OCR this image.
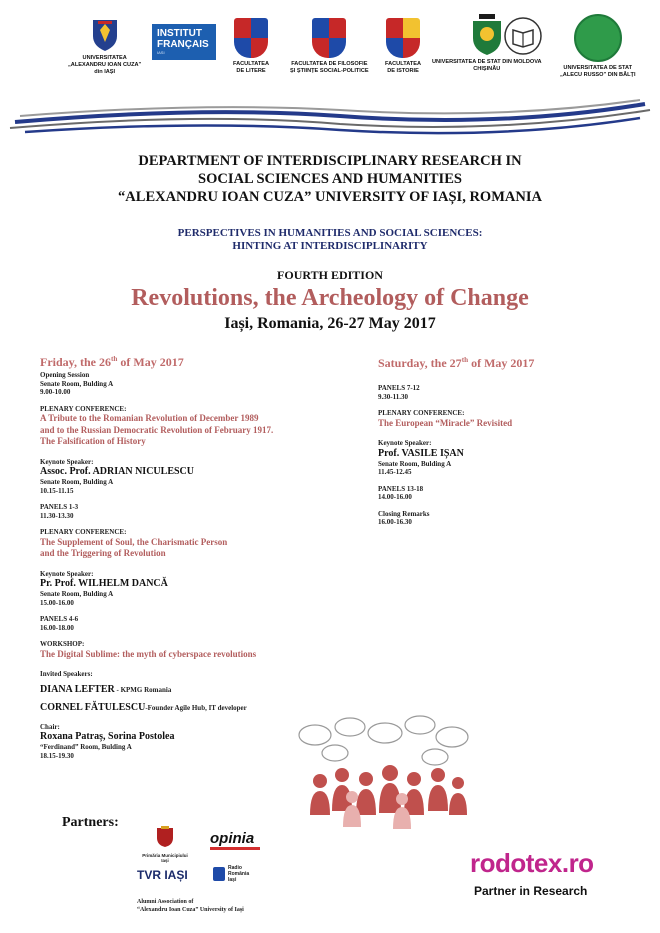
UNIVERSITATEA
„ALEXANDRU IOAN CUZA”
din IAȘI
INSTITUT
FRANÇAIS
IASI
FACULTATEA
DE LITERE
FACULTATEA DE FILOSOFIE
ȘI ȘTIINȚE SOCIAL-POLITICE
FACULTATEA
DE ISTORIE
UNIVERSITATEA DE STAT DIN MOLDOVA
CHIȘINĂU	UNIVERSITATEA DE STAT
„ALECU RUSSO” DIN BĂLȚI
DEPARTMENT OF INTERDISCIPLINARY RESEARCH IN
SOCIAL SCIENCES AND HUMANITIES
“ALEXANDRU IOAN CUZA” UNIVERSITY OF IAȘI, ROMANIA
PERSPECTIVES IN HUMANITIES AND SOCIAL SCIENCES:
HINTING AT INTERDISCIPLINARITY
FOURTH EDITION
Revolutions, the Archeology of Change
Iași, Romania, 26-27 May 2017
Friday, the 26th of May 2017
Opening Session
Senate Room, Bulding A
9.00-10.00
PLENARY CONFERENCE:
A Tribute to the Romanian Revolution of December 1989
and to the Russian Democratic Revolution of February 1917.
The Falsification of History
Keynote Speaker:
Assoc. Prof. ADRIAN NICULESCU
Senate Room, Bulding A
10.15-11.15
PANELS 1-3
11.30-13.30
PLENARY CONFERENCE:
The Supplement of Soul, the Charismatic Person
and the Triggering of Revolution
Keynote Speaker:
Pr. Prof. WILHELM DANCĂ
Senate Room, Bulding A
15.00-16.00
PANELS 4-6
16.00-18.00
WORKSHOP:
The Digital Sublime: the myth of cyberspace revolutions
Invited Speakers:
DIANA LEFTER - KPMG Romania
CORNEL FĂTULESCU-Founder Agile Hub, IT developer
Chair:
Roxana Patraș, Sorina Postolea
“Ferdinand” Room, Bulding A
18.15-19.30
Saturday, the 27th of May 2017
PANELS 7-12
9.30-11.30
PLENARY CONFERENCE:
The European “Miracle” Revisited
Keynote Speaker:
Prof. VASILE IȘAN
Senate Room, Bulding A
11.45-12.45
PANELS 13-18
14.00-16.00
Closing Remarks
16.00-16.30
Partners:
Primăria Municipiului Iași
opinia
TVR IAȘI	Radio
România
Iași
Alumni Association of
“Alexandru Ioan Cuza” University of Iași
rodotex.ro
Partner in Research
